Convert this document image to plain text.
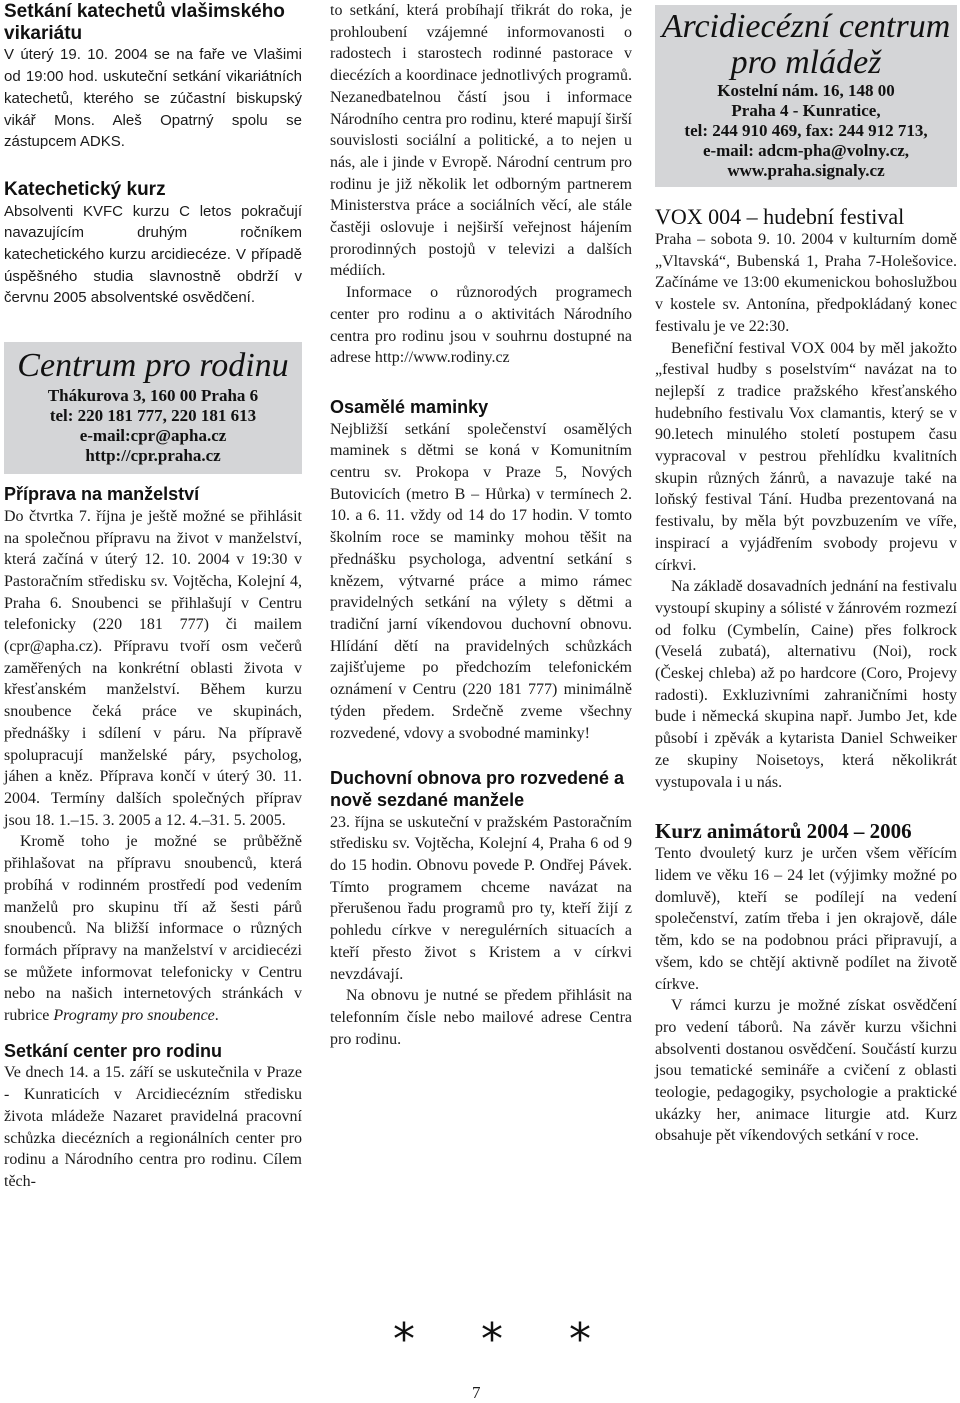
Setkání katechetů vlašimského vikariátu

V úterý 19. 10. 2004 se na faře ve Vlašimi od 19:00 hod. uskuteční setkání vikariátních katechetů, kterého se zúčastní biskupský vikář Mons. Aleš Opatrný spolu se zástupcem ADKS.

Katechetický kurz

Absolventi KVFC kurzu C letos pokračují navazujícím druhým ročníkem katechetického kurzu arcidiecéze. V případě úspěšného studia slavnostně obdrží v červnu 2005 absolventské osvědčení.

Centrum pro rodinu
Thákurova 3, 160 00 Praha 6
tel: 220 181 777, 220 181 613
e-mail:cpr@apha.cz
http://cpr.praha.cz
Příprava na manželství

Do čtvrtka 7. října je ještě možné se přihlásit na společnou přípravu na život v manželství, která začíná v úterý 12. 10. 2004 v 19:30 v Pastoračním středisku sv. Vojtěcha, Kolejní 4, Praha 6. Snoubenci se přihlašují v Centru telefonicky (220 181 777) či mailem (cpr@apha.cz). Přípravu tvoří osm večerů zaměřených na konkrétní oblasti života v křesťanském manželství. Během kurzu snoubence čeká práce ve skupinách, přednášky i sdílení v páru. Na přípravě spolupracují manželské páry, psycholog, jáhen a kněz. Příprava končí v úterý 30. 11. 2004. Termíny dalších společných příprav jsou 18. 1.–15. 3. 2005 a 12. 4.–31. 5. 2005.

Kromě toho je možné se průběžně přihlašovat na přípravu snoubenců, která probíhá v rodinném prostředí pod vedením manželů pro skupinu tří až šesti párů snoubenců. Na bližší informace o různých formách přípravy na manželství v arcidiecézi se můžete informovat telefonicky v Centru nebo na našich internetových stránkách v rubrice Programy pro snoubence.

Setkání center pro rodinu

Ve dnech 14. a 15. září se uskutečnila v Praze - Kunraticích v Arcidiecézním středisku života mládeže Nazaret pravidelná pracovní schůzka diecézních a regionálních center pro rodinu a Národního centra pro rodinu. Cílem těch-

to setkání, která probíhají třikrát do roka, je prohloubení vzájemné informovanosti o radostech i starostech rodinné pastorace v diecézích a koordinace jednotlivých programů. Nezanedbatelnou částí jsou i informace Národního centra pro rodinu, které mapují širší souvislosti sociální a politické, a to nejen u nás, ale i jinde v Evropě. Národní centrum pro rodinu je již několik let odborným partnerem Ministerstva práce a sociálních věcí, ale stále častěji oslovuje i nejširší veřejnost hájením prorodinných postojů v televizi a dalších médiích.

Informace o různorodých programech center pro rodinu a o aktivitách Národního centra pro rodinu jsou v souhrnu dostupné na adrese http://www.rodiny.cz

Osamělé maminky

Nejbližší setkání společenství osamělých maminek s dětmi se koná v Komunitním centru sv. Prokopa v Praze 5, Nových Butovicích (metro B – Hůrka) v termínech 2. 10. a 6. 11. vždy od 14 do 17 hodin. V tomto školním roce se maminky mohou těšit na přednášku psychologa, adventní setkání s knězem, výtvarné práce a mimo rámec pravidelných setkání na výlety s dětmi a tradiční jarní víkendovou duchovní obnovu. Hlídání dětí na pravidelných schůzkách zajišťujeme po předchozím telefonickém oznámení v Centru (220 181 777) minimálně týden předem. Srdečně zveme všechny rozvedené, vdovy a svobodné maminky!

Duchovní obnova pro rozvedené a nově sezdané manžele

23. října se uskuteční v pražském Pastoračním středisku sv. Vojtěcha, Kolejní 4, Praha 6 od 9 do 15 hodin. Obnovu povede P. Ondřej Pávek. Tímto programem chceme navázat na přerušenou řadu programů pro ty, kteří žijí z pohledu církve v neregulérních situacích a kteří přesto život s Kristem a v církvi nevzdávají.

Na obnovu je nutné se předem přihlásit na telefonním čísle nebo mailové adrese Centra pro rodinu.

* * *
7
Arcidiecézní centrum pro mládež
Kostelní nám. 16, 148 00
Praha 4 - Kunratice,
tel: 244 910 469, fax: 244 912 713,
e-mail: adcm-pha@volny.cz,
www.praha.signaly.cz
VOX 004 – hudební festival

Praha – sobota 9. 10. 2004 v kulturním domě „Vltavská“, Bubenská 1, Praha 7-Holešovice. Začínáme ve 13:00 ekumenickou bohoslužbou v kostele sv. Antonína, předpokládaný konec festivalu je ve 22:30.

Benefiční festival VOX 004 by měl jakožto „festival hudby s poselstvím“ navázat na to nejlepší z tradice pražského křesťanského hudebního festivalu Vox clamantis, který se v 90.letech minulého století postupem času vypracoval v pestrou přehlídku kvalitních skupin různých žánrů, a navazuje také na loňský festival Tání. Hudba prezentovaná na festivalu, by měla být povzbuzením ve víře, inspirací a vyjádřením svobody projevu v církvi.

Na základě dosavadních jednání na festivalu vystoupí skupiny a sólisté v žánrovém rozmezí od folku (Cymbelín, Caine) přes folkrock (Veselá zubatá), alternativu (Noi), rock (Českej chleba) až po hardcore (Coro, Projevy radosti). Exkluzivními zahraničními hosty bude i německá skupina např. Jumbo Jet, kde působí i zpěvák a kytarista Daniel Schweiker ze skupiny Noisetoys, která několikrát vystupovala i u nás.

Kurz animátorů 2004 – 2006

Tento dvouletý kurz je určen všem věřícím lidem ve věku 16 – 24 let (výjimky možné po domluvě), kteří se podílejí na vedení společenství, zatím třeba i jen okrajově, dále těm, kdo se na podobnou práci připravují, a všem, kdo se chtějí aktivně podílet na životě církve.

V rámci kurzu je možné získat osvědčení pro vedení táborů. Na závěr kurzu všichni absolventi dostanou osvědčení. Součástí kurzu jsou tematické semináře a cvičení z oblasti teologie, pedagogiky, psychologie a praktické ukázky her, animace liturgie atd. Kurz obsahuje pět víkendových setkání v roce.
